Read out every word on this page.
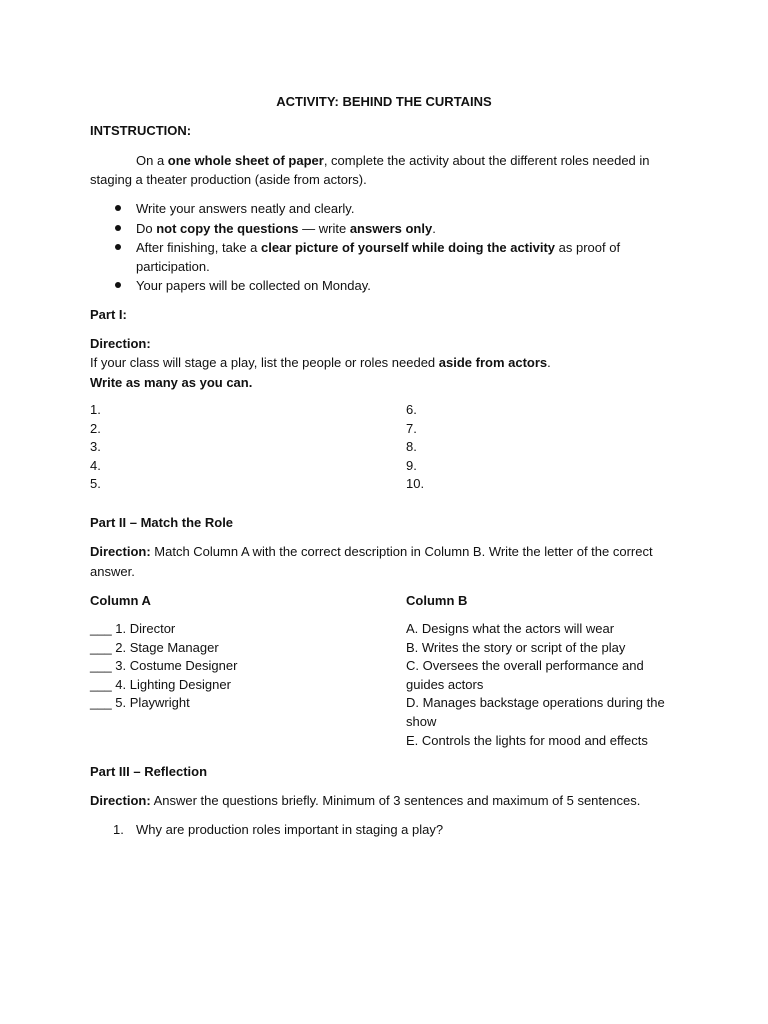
ACTIVITY: BEHIND THE CURTAINS
INTSTRUCTION:
On a one whole sheet of paper, complete the activity about the different roles needed in
staging a theater production (aside from actors).
Write your answers neatly and clearly.
Do not copy the questions — write answers only.
After finishing, take a clear picture of yourself while doing the activity as proof of
participation.
Your papers will be collected on Monday.
Part I:
Direction:
If your class will stage a play, list the people or roles needed aside from actors.
Write as many as you can.
1.
2.
3.
4.
5.
6.
7.
8.
9.
10.
Part II – Match the Role
Direction: Match Column A with the correct description in Column B. Write the letter of the correct
answer.
Column A	Column B
___ 1. Director
___ 2. Stage Manager
___ 3. Costume Designer
___ 4. Lighting Designer
___ 5. Playwright
A. Designs what the actors will wear
B. Writes the story or script of the play
C. Oversees the overall performance and
guides actors
D. Manages backstage operations during the
show
E. Controls the lights for mood and effects
Part III – Reflection
Direction: Answer the questions briefly. Minimum of 3 sentences and maximum of 5 sentences.
1. Why are production roles important in staging a play?
